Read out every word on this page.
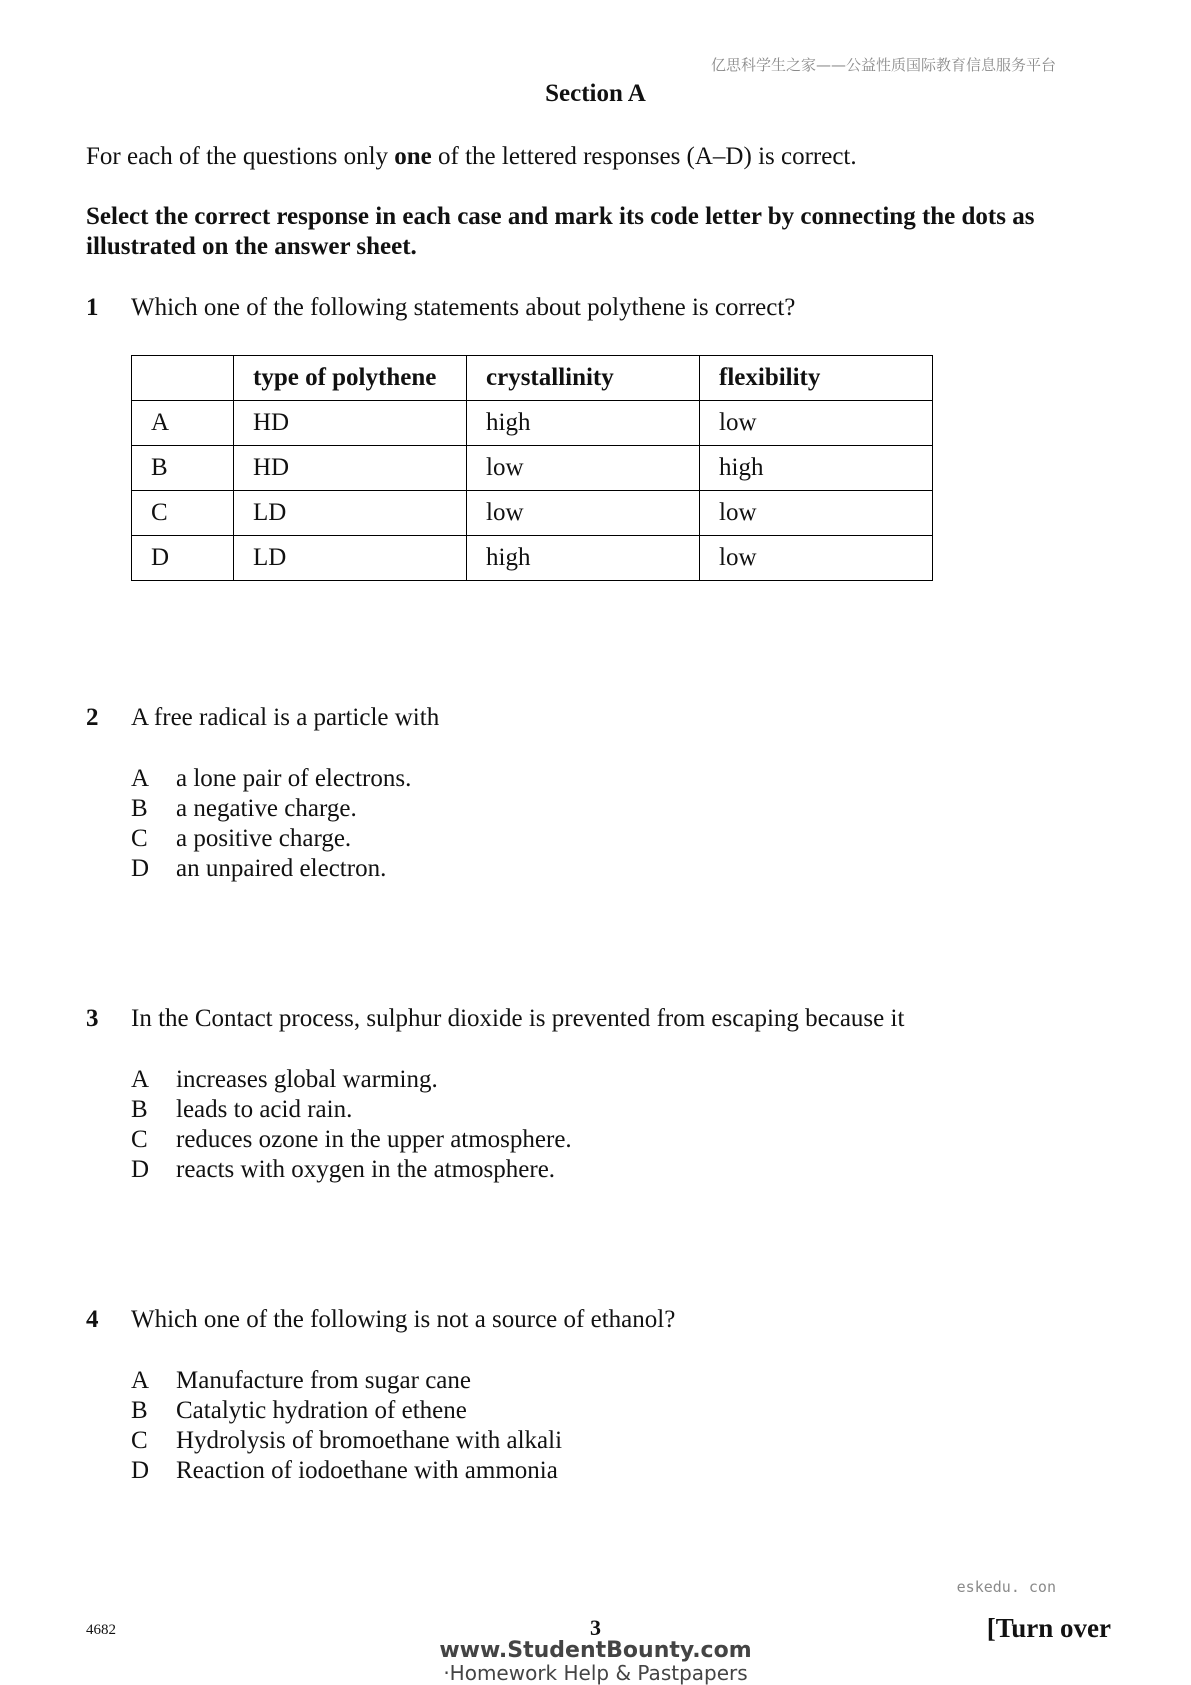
亿思科学生之家——公益性质国际教育信息服务平台
Section A
For each of the questions only one of the lettered responses (A–D) is correct.
Select the correct response in each case and mark its code letter by connecting the dots as illustrated on the answer sheet.
1 Which one of the following statements about polythene is correct?
	type of polythene	crystallinity	flexibility
A	HD	high	low
B	HD	low	high
C	LD	low	low
D	LD	high	low
2 A free radical is a particle with
A	a lone pair of electrons.
B	a negative charge.
C	a positive charge.
D	an unpaired electron.
3 In the Contact process, sulphur dioxide is prevented from escaping because it
A	increases global warming.
B	leads to acid rain.
C	reduces ozone in the upper atmosphere.
D	reacts with oxygen in the atmosphere.
4 Which one of the following is not a source of ethanol?
A	Manufacture from sugar cane
B	Catalytic hydration of ethene
C	Hydrolysis of bromoethane with alkali
D	Reaction of iodoethane with ammonia
eskedu. con
4682	3	[Turn over
www.StudentBounty.com
·Homework Help & Pastpapers
